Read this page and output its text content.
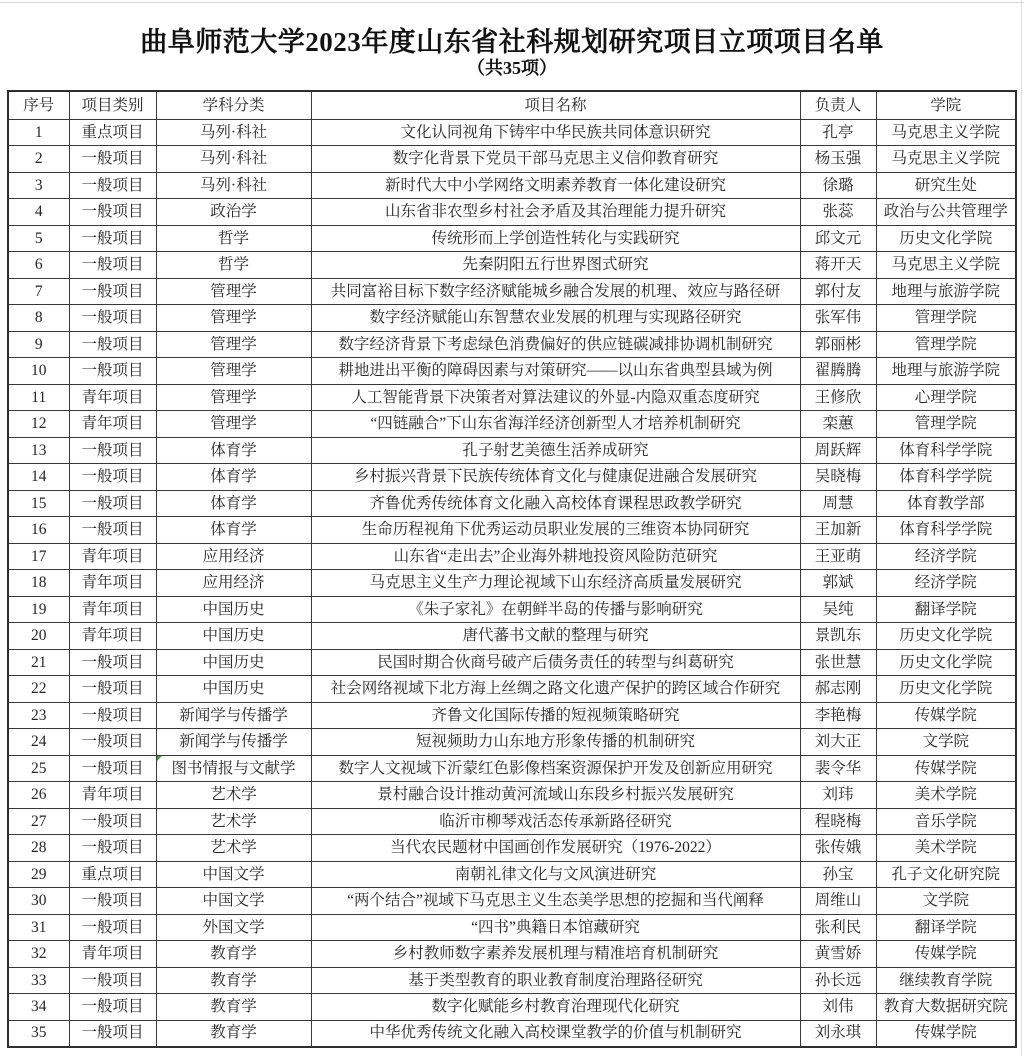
曲阜师范大学2023年度山东省社科规划研究项目立项项目名单
（共35项）
序号	项目类别	学科分类	项目名称	负责人	学院
1	重点项目	马列·科社	文化认同视角下铸牢中华民族共同体意识研究	孔亭	马克思主义学院
2	一般项目	马列·科社	数字化背景下党员干部马克思主义信仰教育研究	杨玉强	马克思主义学院
3	一般项目	马列·科社	新时代大中小学网络文明素养教育一体化建设研究	徐璐	研究生处
4	一般项目	政治学	山东省非农型乡村社会矛盾及其治理能力提升研究	张蕊	政治与公共管理学
5	一般项目	哲学	传统形而上学创造性转化与实践研究	邱文元	历史文化学院
6	一般项目	哲学	先秦阴阳五行世界图式研究	蒋开天	马克思主义学院
7	一般项目	管理学	共同富裕目标下数字经济赋能城乡融合发展的机理、效应与路径研	郭付友	地理与旅游学院
8	一般项目	管理学	数字经济赋能山东智慧农业发展的机理与实现路径研究	张军伟	管理学院
9	一般项目	管理学	数字经济背景下考虑绿色消费偏好的供应链碳减排协调机制研究	郭丽彬	管理学院
10	一般项目	管理学	耕地进出平衡的障碍因素与对策研究——以山东省典型县域为例	翟腾腾	地理与旅游学院
11	青年项目	管理学	人工智能背景下决策者对算法建议的外显-内隐双重态度研究	王修欣	心理学院
12	青年项目	管理学	“四链融合”下山东省海洋经济创新型人才培养机制研究	栾蕙	管理学院
13	一般项目	体育学	孔子射艺美德生活养成研究	周跃辉	体育科学学院
14	一般项目	体育学	乡村振兴背景下民族传统体育文化与健康促进融合发展研究	吴晓梅	体育科学学院
15	一般项目	体育学	齐鲁优秀传统体育文化融入高校体育课程思政教学研究	周慧	体育教学部
16	一般项目	体育学	生命历程视角下优秀运动员职业发展的三维资本协同研究	王加新	体育科学学院
17	青年项目	应用经济	山东省“走出去”企业海外耕地投资风险防范研究	王亚萌	经济学院
18	青年项目	应用经济	马克思主义生产力理论视域下山东经济高质量发展研究	郭斌	经济学院
19	青年项目	中国历史	《朱子家礼》在朝鲜半岛的传播与影响研究	吴纯	翻译学院
20	青年项目	中国历史	唐代蕃书文献的整理与研究	景凯东	历史文化学院
21	一般项目	中国历史	民国时期合伙商号破产后债务责任的转型与纠葛研究	张世慧	历史文化学院
22	一般项目	中国历史	社会网络视域下北方海上丝绸之路文化遗产保护的跨区域合作研究	郝志刚	历史文化学院
23	一般项目	新闻学与传播学	齐鲁文化国际传播的短视频策略研究	李艳梅	传媒学院
24	一般项目	新闻学与传播学	短视频助力山东地方形象传播的机制研究	刘大正	文学院
25	一般项目	图书情报与文献学	数字人文视域下沂蒙红色影像档案资源保护开发及创新应用研究	裴令华	传媒学院
26	青年项目	艺术学	景村融合设计推动黄河流域山东段乡村振兴发展研究	刘玮	美术学院
27	一般项目	艺术学	临沂市柳琴戏活态传承新路径研究	程晓梅	音乐学院
28	一般项目	艺术学	当代农民题材中国画创作发展研究（1976-2022）	张传娥	美术学院
29	重点项目	中国文学	南朝礼律文化与文风演进研究	孙宝	孔子文化研究院
30	一般项目	中国文学	“两个结合”视域下马克思主义生态美学思想的挖掘和当代阐释	周维山	文学院
31	一般项目	外国文学	“四书”典籍日本馆藏研究	张利民	翻译学院
32	青年项目	教育学	乡村教师数字素养发展机理与精准培育机制研究	黄雪娇	传媒学院
33	一般项目	教育学	基于类型教育的职业教育制度治理路径研究	孙长远	继续教育学院
34	一般项目	教育学	数字化赋能乡村教育治理现代化研究	刘伟	教育大数据研究院
35	一般项目	教育学	中华优秀传统文化融入高校课堂教学的价值与机制研究	刘永琪	传媒学院
